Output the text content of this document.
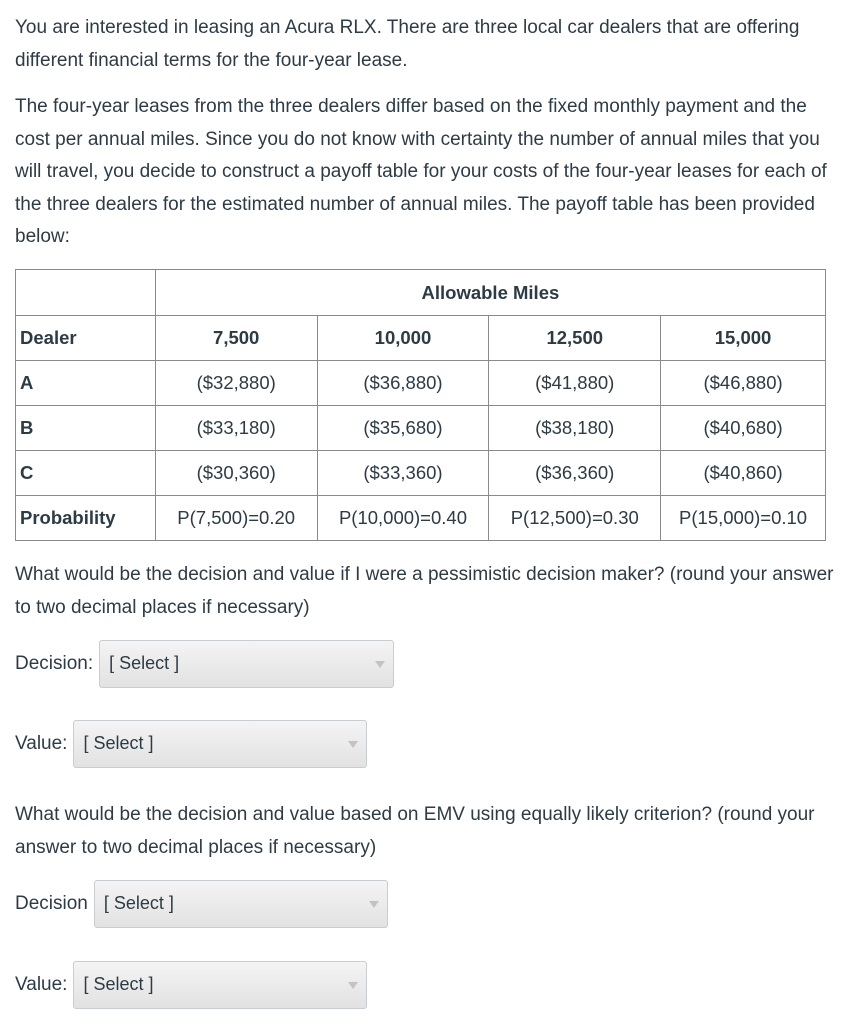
You are interested in leasing an Acura RLX. There are three local car dealers that are offering different financial terms for the four-year lease.

The four-year leases from the three dealers differ based on the fixed monthly payment and the cost per annual miles. Since you do not know with certainty the number of annual miles that you will travel, you decide to construct a payoff table for your costs of the four-year leases for each of the three dealers for the estimated number of annual miles. The payoff table has been provided below:

	Allowable Miles			
Dealer	7,500	10,000	12,500	15,000
A	($32,880)	($36,880)	($41,880)	($46,880)
B	($33,180)	($35,680)	($38,180)	($40,680)
C	($30,360)	($33,360)	($36,360)	($40,860)
Probability	P(7,500)=0.20	P(10,000)=0.40	P(12,500)=0.30	P(15,000)=0.10

What would be the decision and value if I were a pessimistic decision maker? (round your answer to two decimal places if necessary)

Decision: [ Select ]
Value: [ Select ]

What would be the decision and value based on EMV using equally likely criterion? (round your answer to two decimal places if necessary)

Decision [ Select ]
Value: [ Select ]
